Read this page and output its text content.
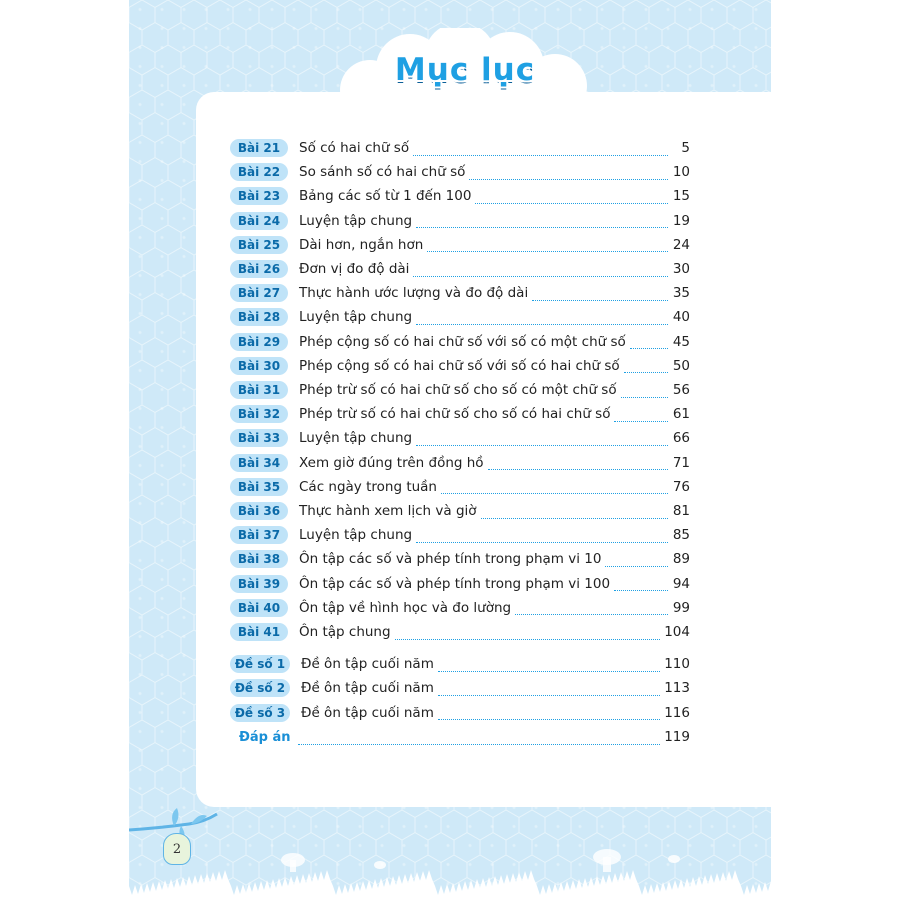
Mục lục
Bài 21	Số có hai chữ số	5
Bài 22	So sánh số có hai chữ số	10
Bài 23	Bảng các số từ 1 đến 100	15
Bài 24	Luyện tập chung	19
Bài 25	Dài hơn, ngắn hơn	24
Bài 26	Đơn vị đo độ dài	30
Bài 27	Thực hành ước lượng và đo độ dài	35
Bài 28	Luyện tập chung	40
Bài 29	Phép cộng số có hai chữ số với số có một chữ số	45
Bài 30	Phép cộng số có hai chữ số với số có hai chữ số	50
Bài 31	Phép trừ số có hai chữ số cho số có một chữ số	56
Bài 32	Phép trừ số có hai chữ số cho số có hai chữ số	61
Bài 33	Luyện tập chung	66
Bài 34	Xem giờ đúng trên đồng hồ	71
Bài 35	Các ngày trong tuần	76
Bài 36	Thực hành xem lịch và giờ	81
Bài 37	Luyện tập chung	85
Bài 38	Ôn tập các số và phép tính trong phạm vi 10	89
Bài 39	Ôn tập các số và phép tính trong phạm vi 100	94
Bài 40	Ôn tập về hình học và đo lường	99
Bài 41	Ôn tập chung	104
Đề số 1	Đề ôn tập cuối năm	110
Đề số 2	Đề ôn tập cuối năm	113
Đề số 3	Đề ôn tập cuối năm	116
Đáp án	119
2
